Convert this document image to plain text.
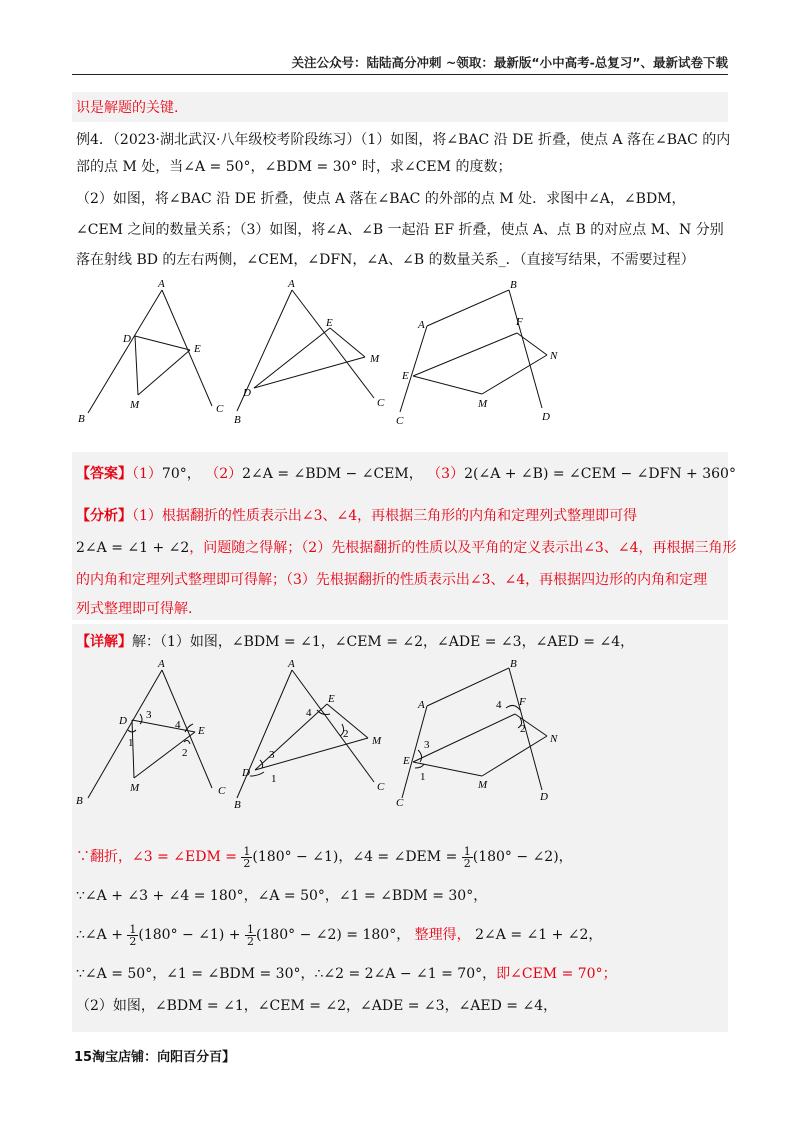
关注公众号：陆陆高分冲刺 ~领取：最新版“小中高考-总复习”、最新试卷下载
识是解题的关键.
例4．（2023·湖北武汉·八年级校考阶段练习）（1）如图，将∠BAC 沿 DE 折叠，使点 A 落在∠BAC 的内
部的点 M 处，当∠A = 50°，∠BDM = 30° 时，求∠CEM 的度数；
（2）如图，将∠BAC 沿 DE 折叠，使点 A 落在∠BAC 的外部的点 M 处．求图中∠A，∠BDM，
∠CEM 之间的数量关系；（3）如图，将∠A、∠B 一起沿 EF 折叠，使点 A、点 B 的对应点 M、N 分别
落在射线 BD 的左右两侧，∠CEM，∠DFN，∠A、∠B 的数量关系_．（直接写结果，不需要过程）
A
B
C
D
E
M
A
B
C
D
E
M
A
B
C	D
E
F
M
N
【答案】（1）70°， （2）2∠A = ∠BDM − ∠CEM， （3）2(∠A + ∠B) = ∠CEM − ∠DFN + 360°
【分析】（1）根据翻折的性质表示出∠3、∠4，再根据三角形的内角和定理列式整理即可得
2∠A = ∠1 + ∠2，问题随之得解；（2）先根据翻折的性质以及平角的定义表示出∠3、∠4，再根据三角形
的内角和定理列式整理即可得解；（3）先根据翻折的性质表示出∠3、∠4，再根据四边形的内角和定理
列式整理即可得解.
【详解】解：（1）如图，∠BDM = ∠1，∠CEM = ∠2，∠ADE = ∠3，∠AED = ∠4，
A
B
C
D
E
M
3
4
1
2
A
B
C
D
E
M
4
2
3
1
A
B
C	D
E
F
M
N
4
2
3
1
∵翻折，∠3 = ∠EDM = $\frac{1}{2} (180^\circ$ − ∠1)，∠4 = ∠DEM = $\frac{1}{2} (180^\circ$ − ∠2)，
∵∠A + ∠3 + ∠4 = 180°，∠A = 50°，∠1 = ∠BDM = 30°，
∴∠A + $\frac{1}{2} (180^\circ$ − ∠1) + $\frac{1}{2} (180^\circ$ − ∠2) = 180°， 整理得， 2∠A = ∠1 + ∠2，
∵∠A = 50°，∠1 = ∠BDM = 30°，∴∠2 = 2∠A − ∠1 = 70°，即∠CEM = 70°；
（2）如图，∠BDM = ∠1，∠CEM = ∠2，∠ADE = ∠3，∠AED = ∠4，
15淘宝店铺：向阳百分百】
